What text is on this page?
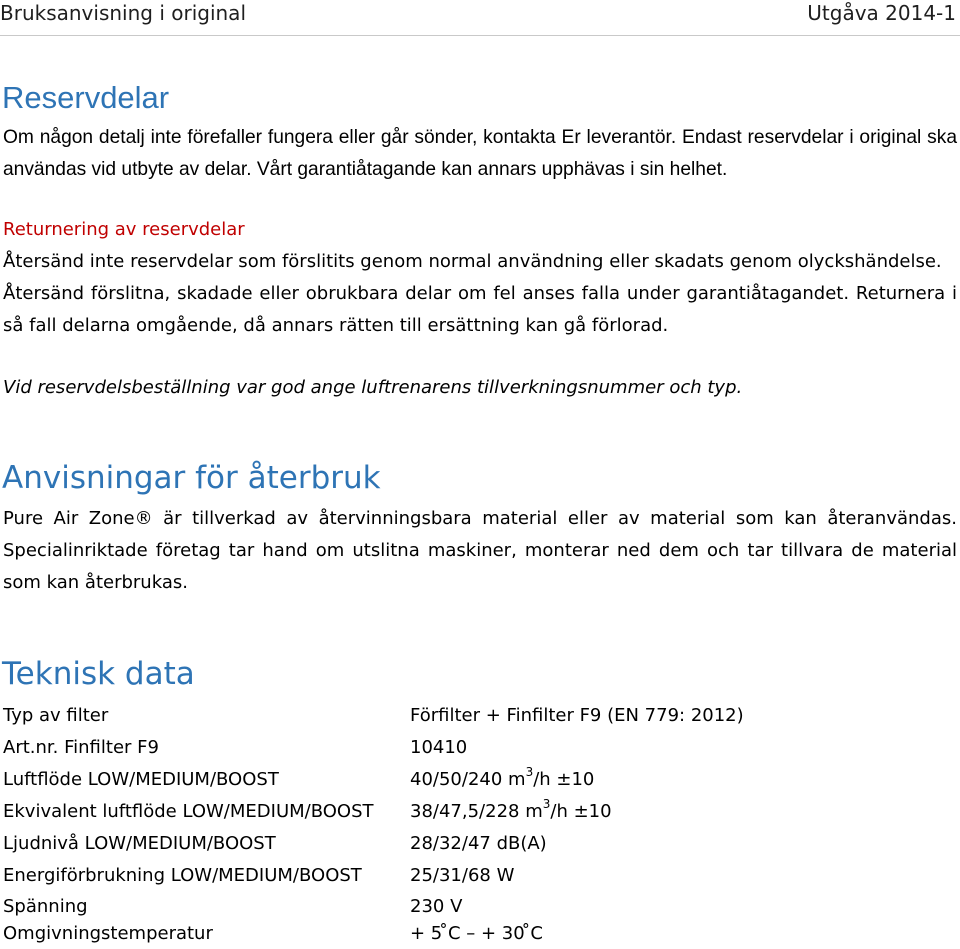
Bruksanvisning i original	Utgåva 2014-1
Reservdelar
Om någon detalj inte förefaller fungera eller går sönder, kontakta Er leverantör. Endast reservdelar i original ska användas vid utbyte av delar. Vårt garantiåtagande kan annars upphävas i sin helhet.
Returnering av reservdelar
Återsänd inte reservdelar som förslitits genom normal användning eller skadats genom olyckshändelse.
Återsänd förslitna, skadade eller obrukbara delar om fel anses falla under garantiåtagandet. Returnera i så fall delarna omgående, då annars rätten till ersättning kan gå förlorad.
Vid reservdelsbeställning var god ange luftrenarens tillverkningsnummer och typ.
Anvisningar för återbruk
Pure Air Zone® är tillverkad av återvinningsbara material eller av material som kan återanvändas. Specialinriktade företag tar hand om utslitna maskiner, monterar ned dem och tar tillvara de material som kan återbrukas.
Teknisk data
Typ av filter	Förfilter + Finfilter F9 (EN 779: 2012)
Art.nr. Finfilter F9	10410
Luftflöde LOW/MEDIUM/BOOST	40/50/240 $m^3/h \pm 10$
Ekvivalent luftflöde LOW/MEDIUM/BOOST 38/47,5/228 $m^3/h \pm 10$
Ljudnivå LOW/MEDIUM/BOOST	28/32/47 dB(A)
Energiförbrukning LOW/MEDIUM/BOOST	25/31/68 W
Spänning	230 V
Omgivningstemperatur	+ 5 ̊C – + 30 ̊C
